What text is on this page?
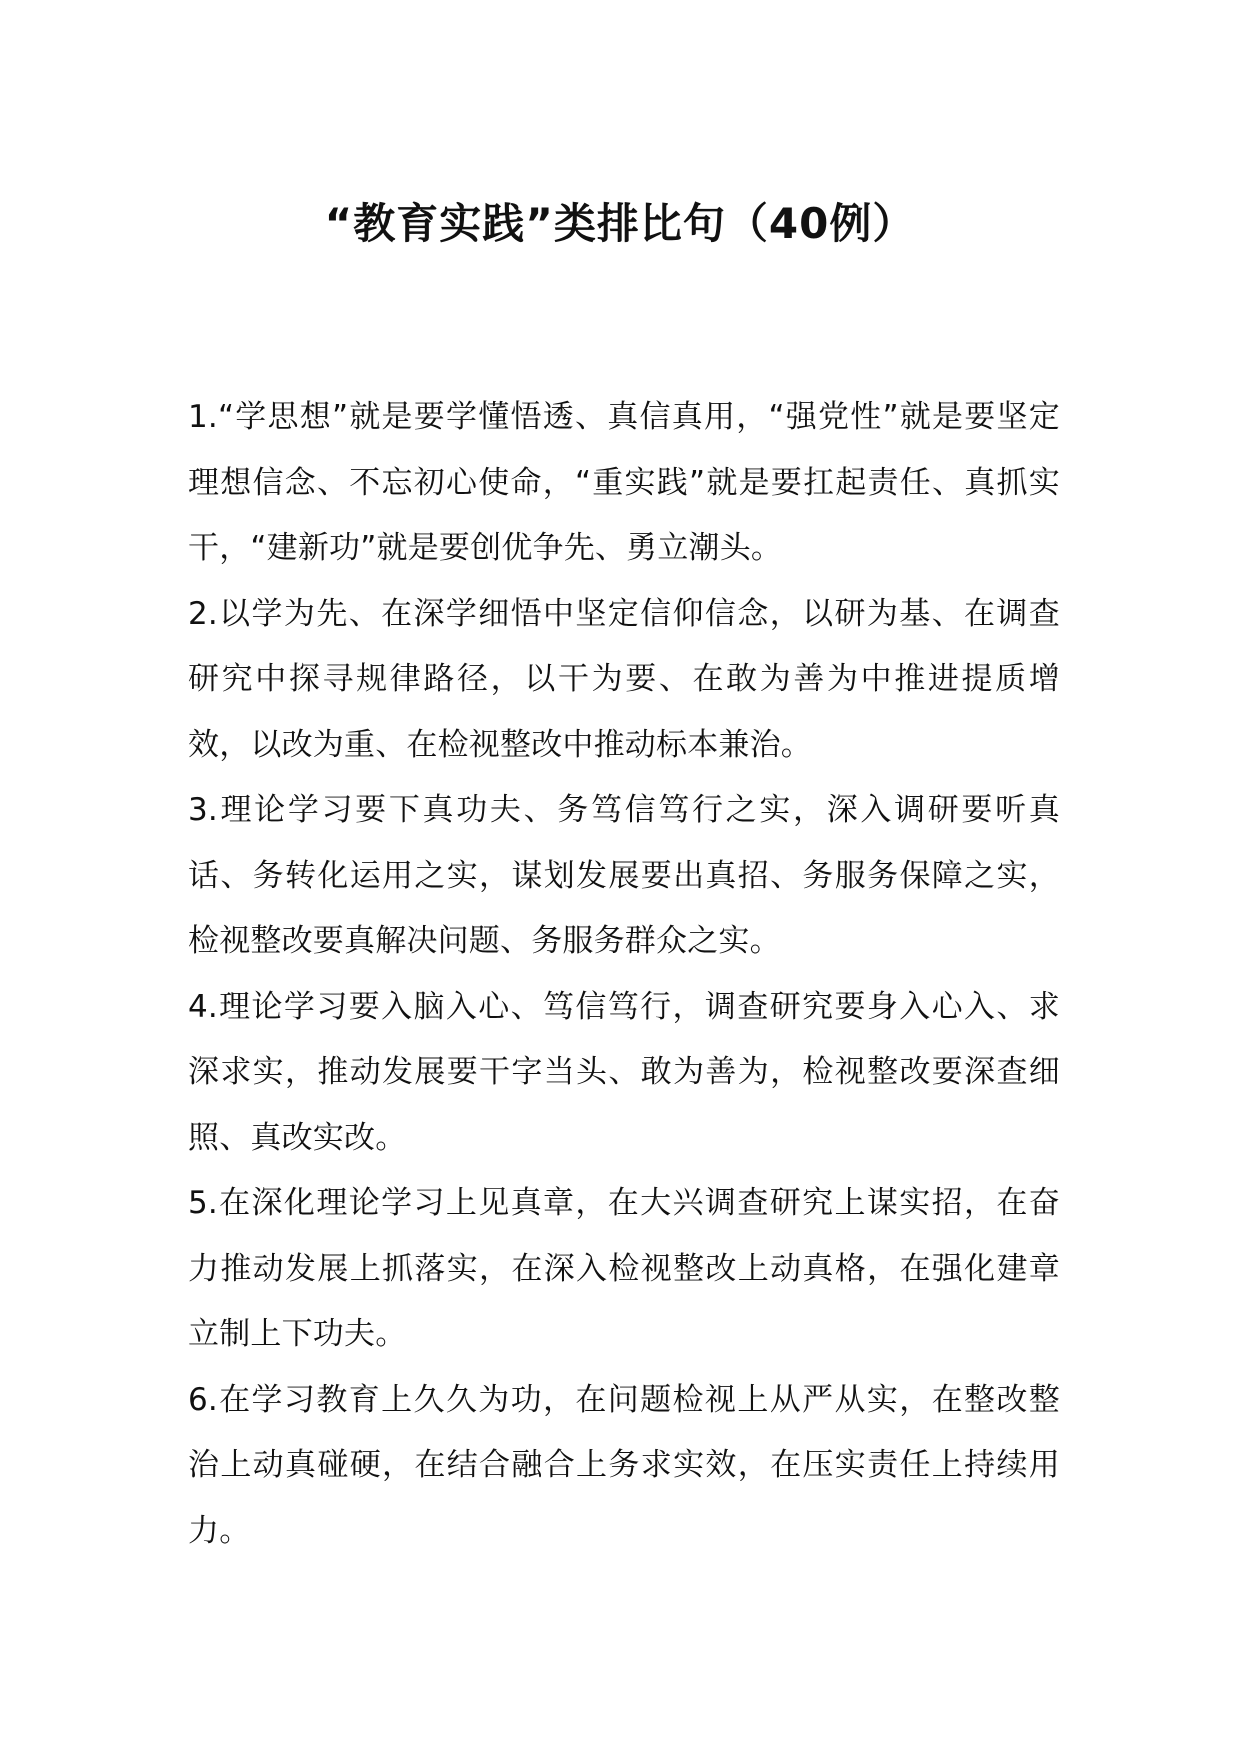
“教育实践”类排比句（40例）

1.“学思想”就是要学懂悟透、真信真用，“强党性”就是要坚定理想信念、不忘初心使命，“重实践”就是要扛起责任、真抓实干，“建新功”就是要创优争先、勇立潮头。

2.以学为先、在深学细悟中坚定信仰信念，以研为基、在调查研究中探寻规律路径，以干为要、在敢为善为中推进提质增效，以改为重、在检视整改中推动标本兼治。

3.理论学习要下真功夫、务笃信笃行之实，深入调研要听真话、务转化运用之实，谋划发展要出真招、务服务保障之实，检视整改要真解决问题、务服务群众之实。

4.理论学习要入脑入心、笃信笃行，调查研究要身入心入、求深求实，推动发展要干字当头、敢为善为，检视整改要深查细照、真改实改。

5.在深化理论学习上见真章，在大兴调查研究上谋实招，在奋力推动发展上抓落实，在深入检视整改上动真格，在强化建章立制上下功夫。

6.在学习教育上久久为功，在问题检视上从严从实，在整改整治上动真碰硬，在结合融合上务求实效，在压实责任上持续用力。
